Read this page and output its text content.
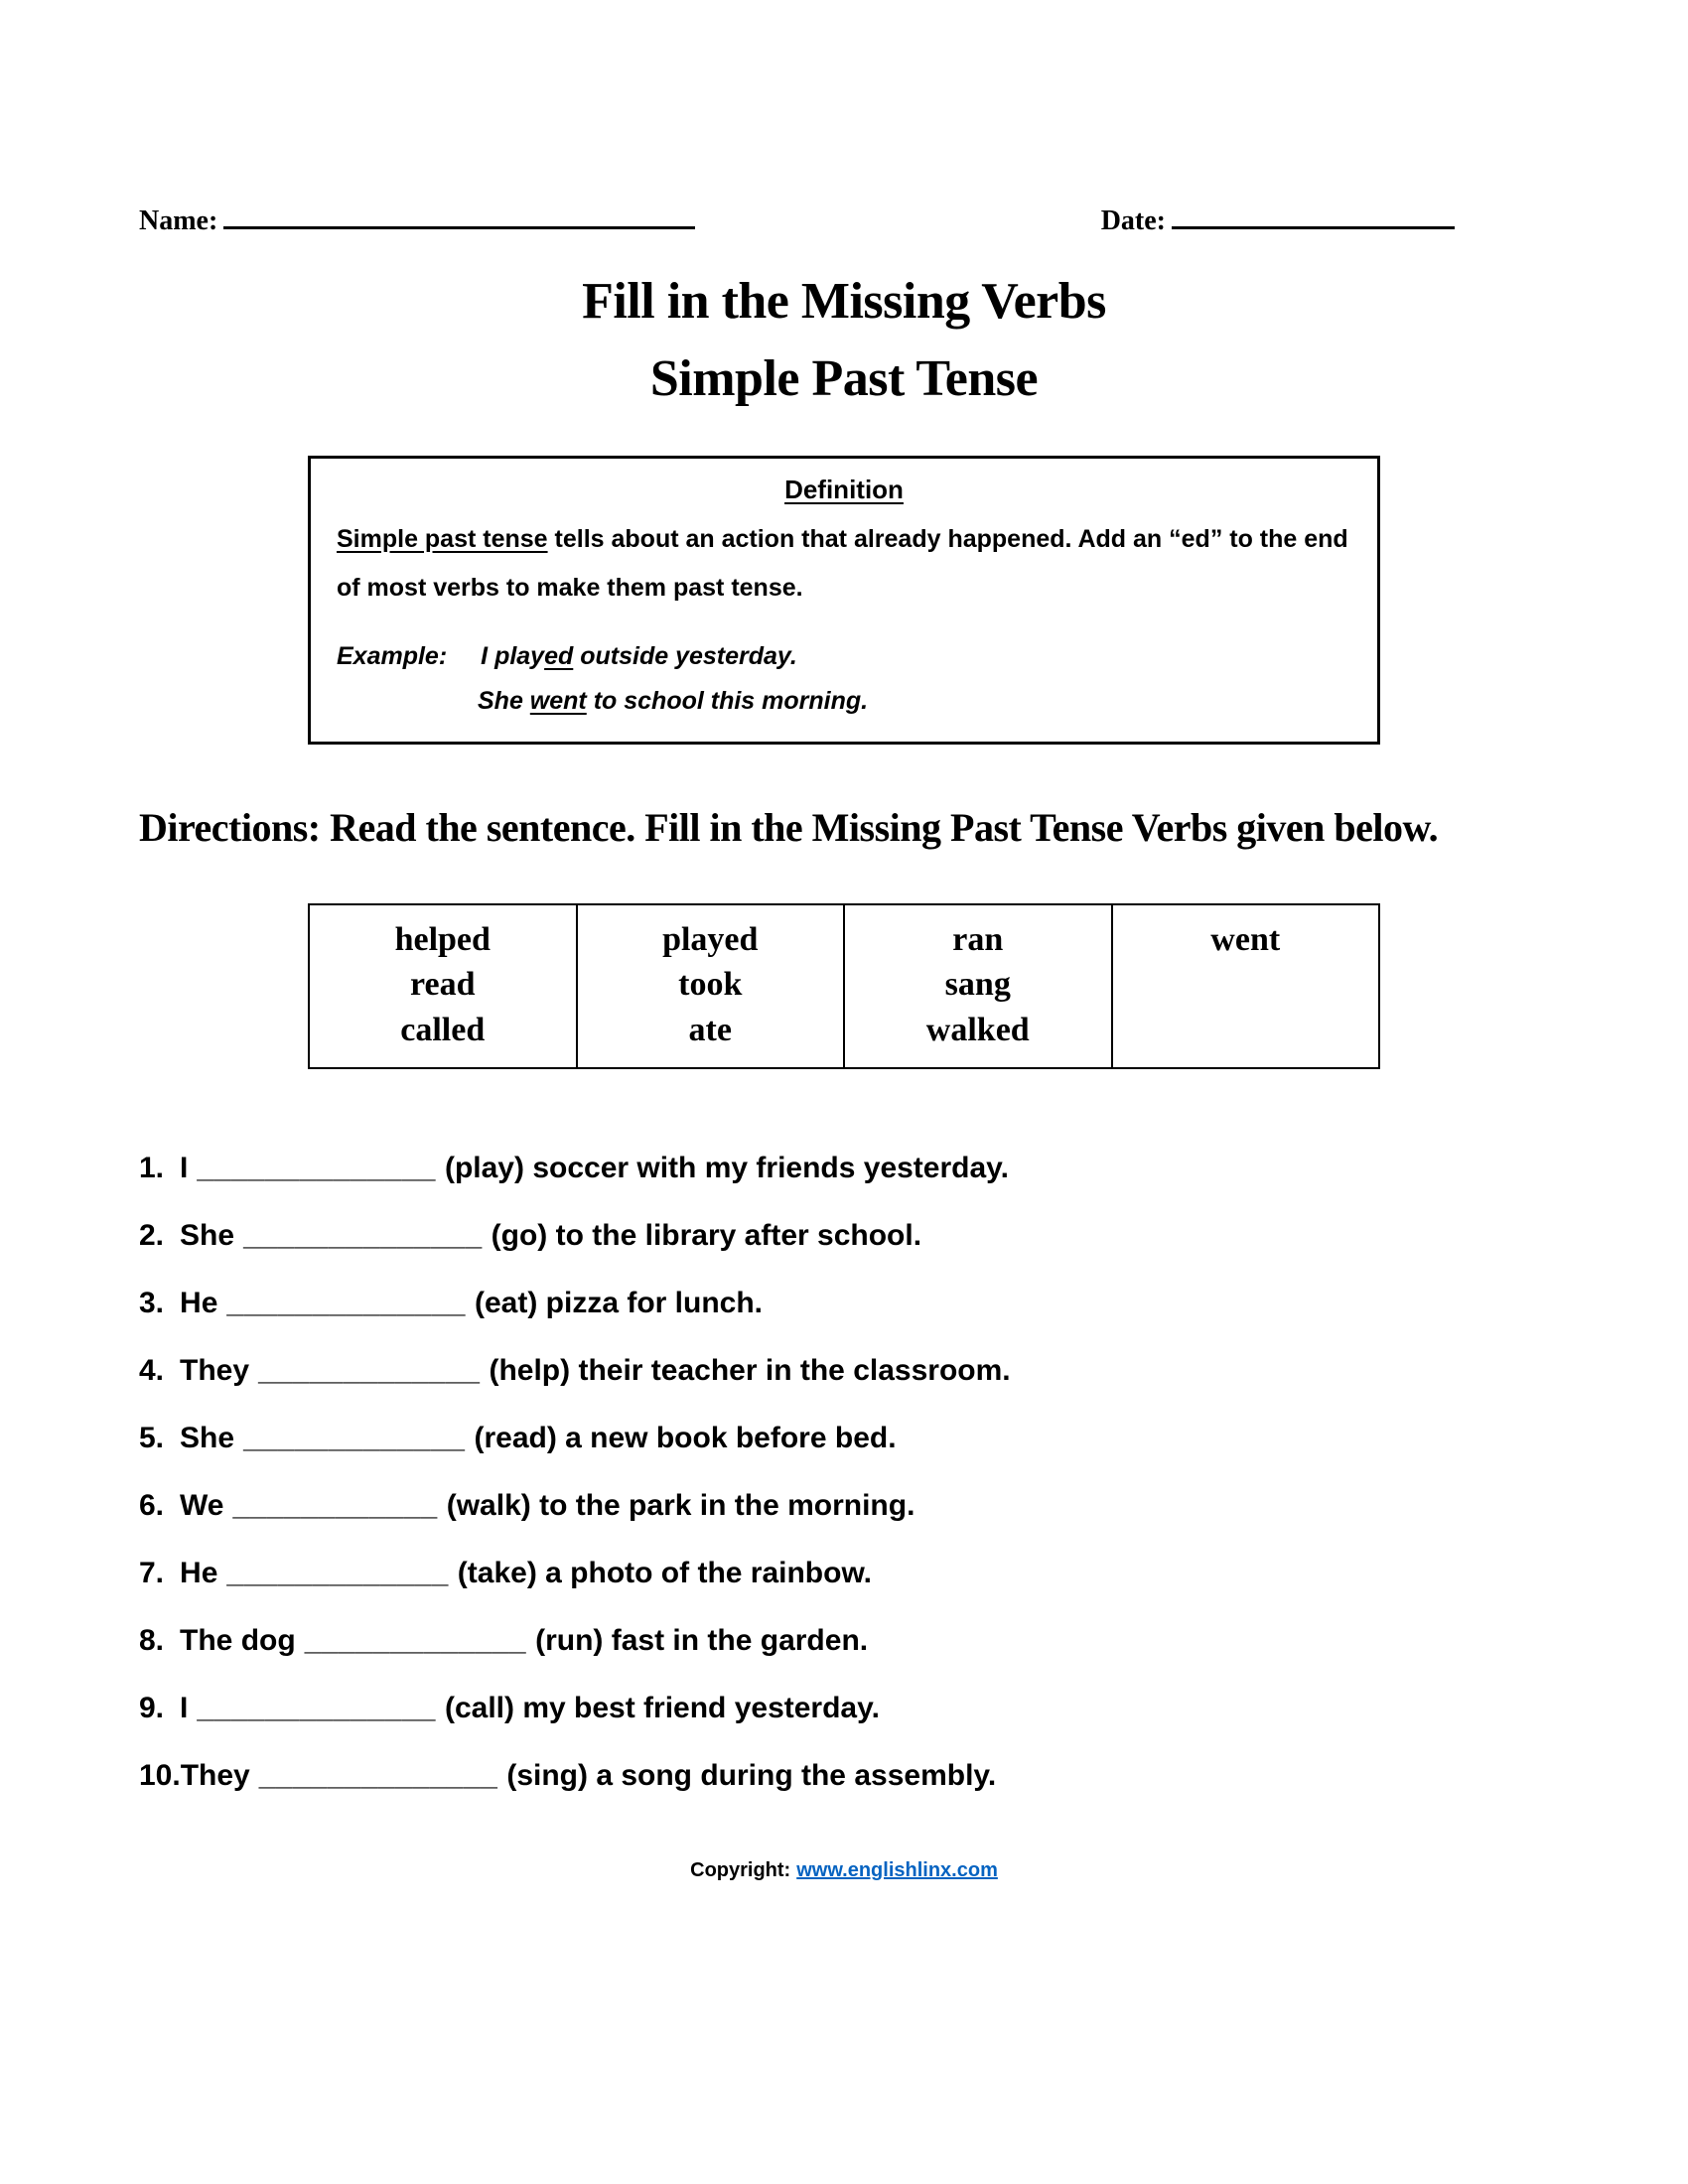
Name:	Date:
Fill in the Missing Verbs
Simple Past Tense
Definition

Simple past tense tells about an action that already happened. Add an “ed” to the end of most verbs to make them past tense.

Example: I played outside yesterday.

She went to school this morning.

Directions: Read the sentence. Fill in the Missing Past Tense Verbs given below.
helped
read
called

played
took
ate

ran
sang
walked

went
1. I ______________ (play) soccer with my friends yesterday.
2. She ______________ (go) to the library after school.
3. He ______________ (eat) pizza for lunch.
4. They _____________ (help) their teacher in the classroom.
5. She _____________ (read) a new book before bed.
6. We ____________ (walk) to the park in the morning.
7. He _____________ (take) a photo of the rainbow.
8. The dog _____________ (run) fast in the garden.
9. I ______________ (call) my best friend yesterday.
10.They ______________ (sing) a song during the assembly.
Copyright: www.englishlinx.com
